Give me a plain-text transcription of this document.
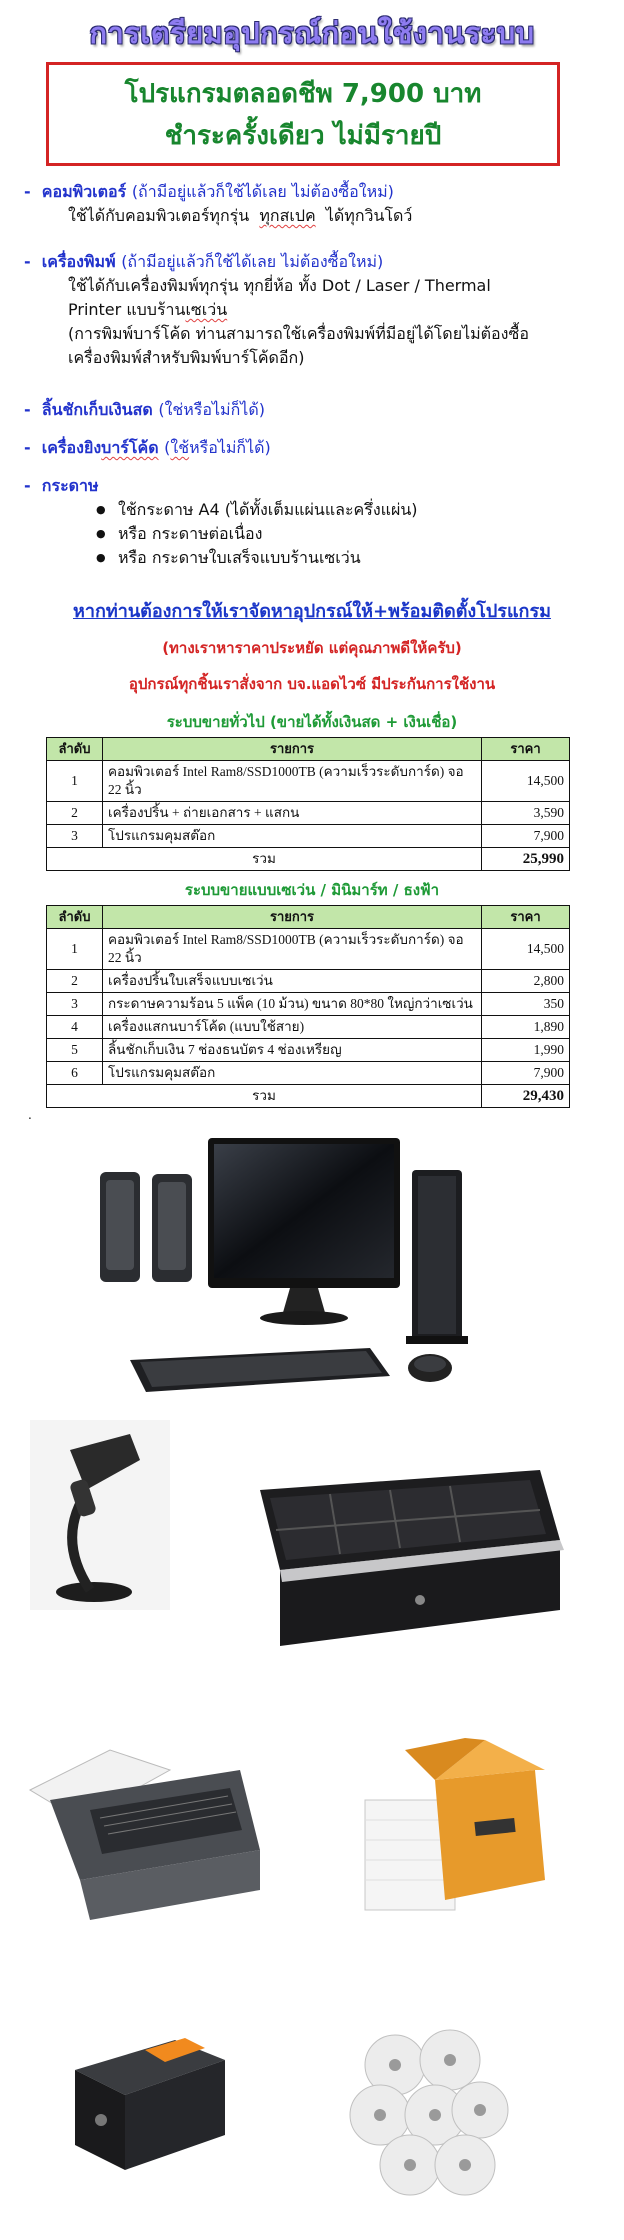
การเตรียมอุปกรณ์ก่อนใช้งานระบบ
โปรแกรมตลอดชีพ 7,900 บาท
ชำระครั้งเดียว ไม่มีรายปี
-  คอมพิวเตอร์ (ถ้ามีอยู่แล้วก็ใช้ได้เลย ไม่ต้องซื้อใหม่)
ใช้ได้กับคอมพิวเตอร์ทุกรุ่น ทุกสเปค ได้ทุกวินโดว์
-  เครื่องพิมพ์ (ถ้ามีอยู่แล้วก็ใช้ได้เลย ไม่ต้องซื้อใหม่)
ใช้ได้กับเครื่องพิมพ์ทุกรุ่น ทุกยี่ห้อ ทั้ง Dot / Laser / Thermal
Printer แบบร้านเซเว่น
(การพิมพ์บาร์โค้ด ท่านสามารถใช้เครื่องพิมพ์ที่มีอยู่ได้โดยไม่ต้องซื้อ
เครื่องพิมพ์สำหรับพิมพ์บาร์โค้ดอีก)
-  ลิ้นชักเก็บเงินสด (ใช่หรือไม่ก็ได้)
-  เครื่องยิงบาร์โค้ด (ใช้หรือไม่ก็ได้)
-  กระดาษ
● ใช้กระดาษ A4 (ได้ทั้งเต็มแผ่นและครึ่งแผ่น)
● หรือ กระดาษต่อเนื่อง
● หรือ กระดาษใบเสร็จแบบร้านเซเว่น
หากท่านต้องการให้เราจัดหาอุปกรณ์ให้+พร้อมติดตั้งโปรแกรม
(ทางเราหาราคาประหยัด แต่คุณภาพดีให้ครับ)
อุปกรณ์ทุกชิ้นเราสั่งจาก บจ.แอดไวซ์ มีประกันการใช้งาน
ระบบขายทั่วไป (ขายได้ทั้งเงินสด + เงินเชื่อ)
ลำดับ	รายการ	ราคา
1	คอมพิวเตอร์ Intel Ram8/SSD1000TB (ความเร็วระดับการ์ด) จอ 22 นิ้ว	14,500
2	เครื่องปริ้น + ถ่ายเอกสาร + แสกน	3,590
3	โปรแกรมคุมสต๊อก	7,900
รวม		25,990
ระบบขายแบบเซเว่น / มินิมาร์ท / ธงฟ้า
ลำดับ	รายการ	ราคา
1	คอมพิวเตอร์ Intel Ram8/SSD1000TB (ความเร็วระดับการ์ด) จอ 22 นิ้ว	14,500
2	เครื่องปริ้นใบเสร็จแบบเซเว่น	2,800
3	กระดาษความร้อน 5 แพ็ค (10 ม้วน) ขนาด 80*80 ใหญ่กว่าเซเว่น	350
4	เครื่องแสกนบาร์โค้ด (แบบใช้สาย)	1,890
5	ลิ้นชักเก็บเงิน 7 ช่องธนบัตร 4 ช่องเหรียญ	1,990
6	โปรแกรมคุมสต๊อก	7,900
รวม		29,430
.
